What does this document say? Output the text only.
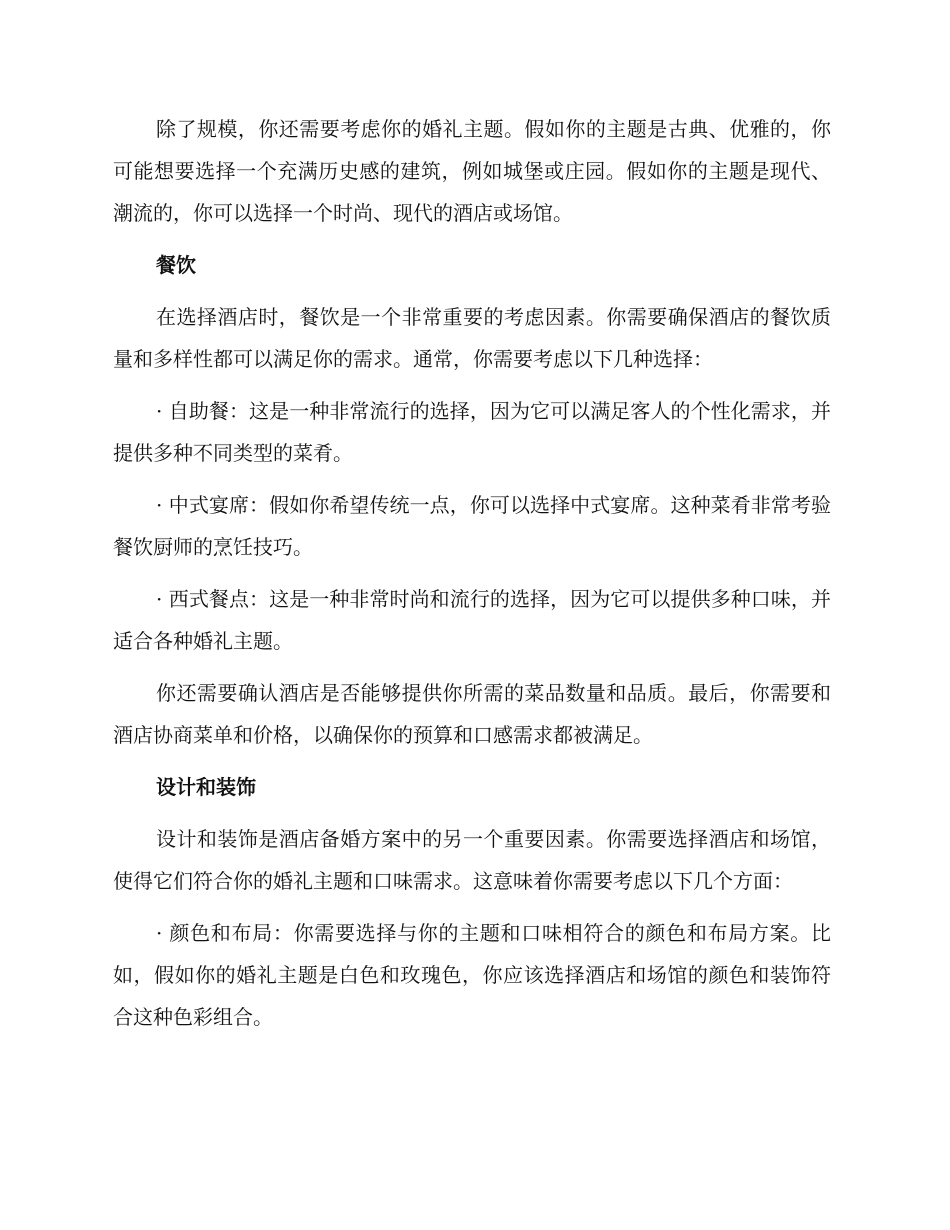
除了规模，你还需要考虑你的婚礼主题。假如你的主题是古典、优雅的，你可能想要选择一个充满历史感的建筑，例如城堡或庄园。假如你的主题是现代、潮流的，你可以选择一个时尚、现代的酒店或场馆。

餐饮

在选择酒店时，餐饮是一个非常重要的考虑因素。你需要确保酒店的餐饮质量和多样性都可以满足你的需求。通常，你需要考虑以下几种选择：

· 自助餐：这是一种非常流行的选择，因为它可以满足客人的个性化需求，并提供多种不同类型的菜肴。

· 中式宴席：假如你希望传统一点，你可以选择中式宴席。这种菜肴非常考验餐饮厨师的烹饪技巧。

· 西式餐点：这是一种非常时尚和流行的选择，因为它可以提供多种口味，并适合各种婚礼主题。

你还需要确认酒店是否能够提供你所需的菜品数量和品质。最后，你需要和酒店协商菜单和价格，以确保你的预算和口感需求都被满足。

设计和装饰

设计和装饰是酒店备婚方案中的另一个重要因素。你需要选择酒店和场馆，使得它们符合你的婚礼主题和口味需求。这意味着你需要考虑以下几个方面：

· 颜色和布局：你需要选择与你的主题和口味相符合的颜色和布局方案。比如，假如你的婚礼主题是白色和玫瑰色，你应该选择酒店和场馆的颜色和装饰符合这种色彩组合。
